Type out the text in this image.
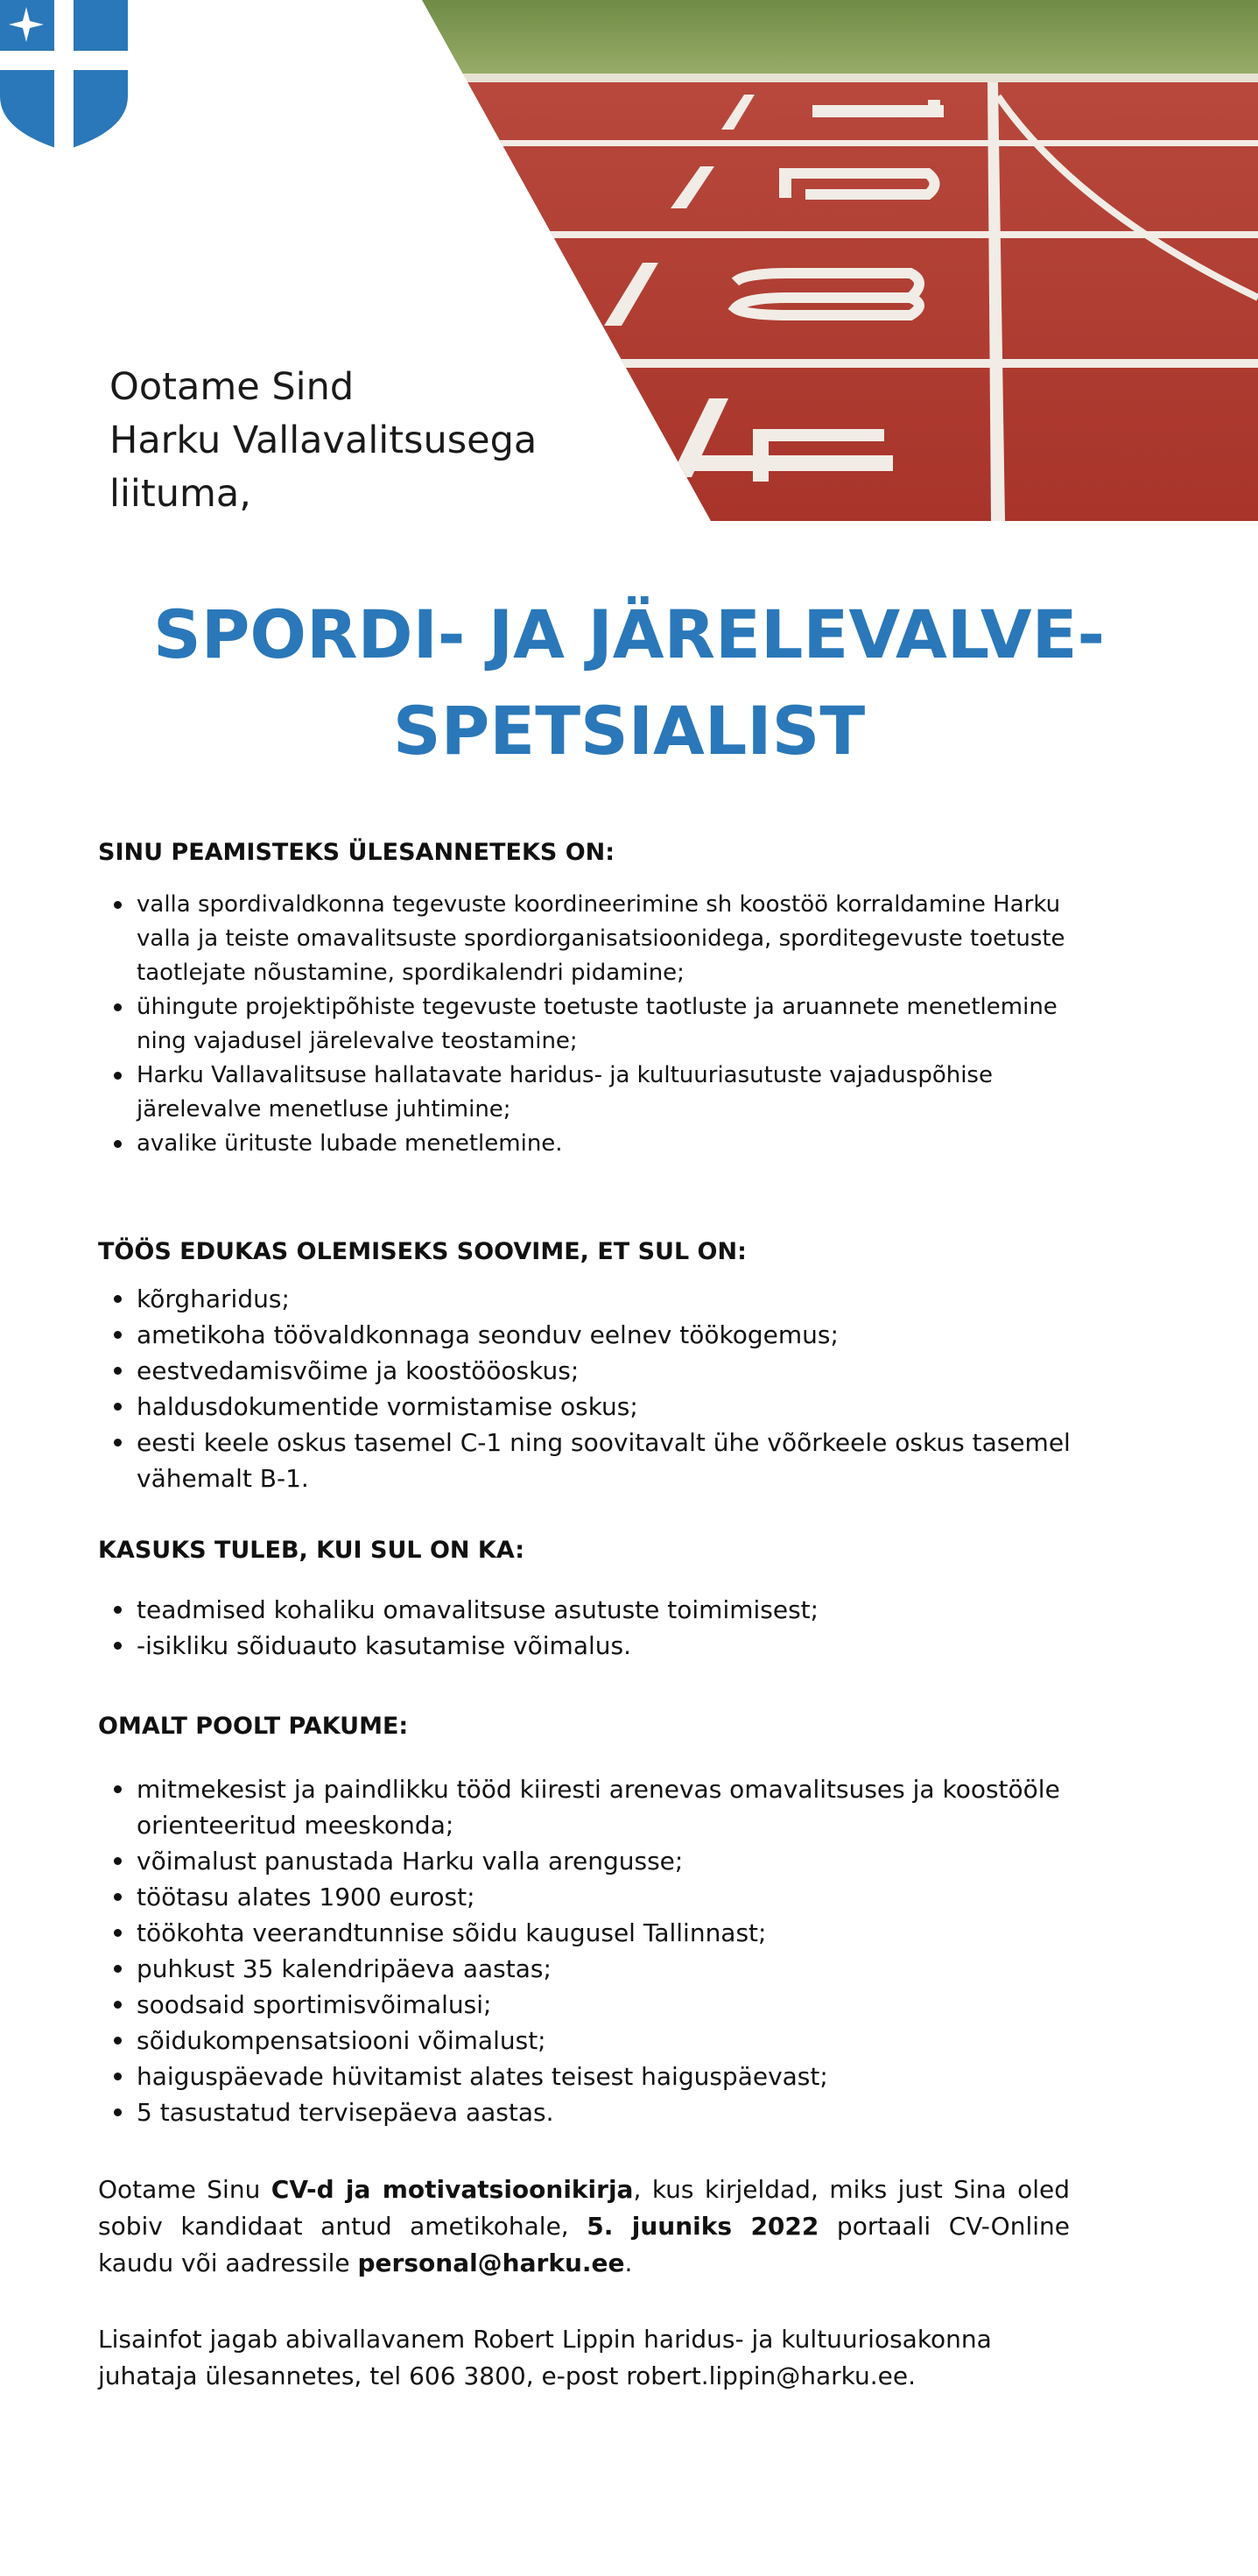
Ootame Sind
Harku Vallavalitsusega
liituma,
SPORDI- JA JÄRELEVALVE-
SPETSIALIST
SINU PEAMISTEKS ÜLESANNETEKS ON:
valla spordivaldkonna tegevuste koordineerimine sh koostöö korraldamine Harku valla ja teiste omavalitsuste spordiorganisatsioonidega, sporditegevuste toetuste taotlejate nõustamine, spordikalendri pidamine;
ühingute projektipõhiste tegevuste toetuste taotluste ja aruannete menetlemine ning vajadusel järelevalve teostamine;
Harku Vallavalitsuse hallatavate haridus- ja kultuuriasutuste vajaduspõhise järelevalve menetluse juhtimine;
avalike ürituste lubade menetlemine.
TÖÖS EDUKAS OLEMISEKS SOOVIME, ET SUL ON:
kõrgharidus;
ametikoha töövaldkonnaga seonduv eelnev töökogemus;
eestvedamisvõime ja koostööoskus;
haldusdokumentide vormistamise oskus;
eesti keele oskus tasemel C-1 ning soovitavalt ühe võõrkeele oskus tasemel vähemalt B-1.
KASUKS TULEB, KUI SUL ON KA:
teadmised kohaliku omavalitsuse asutuste toimimisest;
-isikliku sõiduauto kasutamise võimalus.
OMALT POOLT PAKUME:
mitmekesist ja paindlikku tööd kiiresti arenevas omavalitsuses ja koostööle orienteeritud meeskonda;
võimalust panustada Harku valla arengusse;
töötasu alates 1900 eurost;
töökohta veerandtunnise sõidu kaugusel Tallinnast;
puhkust 35 kalendripäeva aastas;
soodsaid sportimisvõimalusi;
sõidukompensatsiooni võimalust;
haiguspäevade hüvitamist alates teisest haiguspäevast;
5 tasustatud tervisepäeva aastas.
Ootame Sinu CV-d ja motivatsioonikirja, kus kirjeldad, miks just Sina oled sobiv kandidaat antud ametikohale, 5. juuniks 2022 portaali CV-Online kaudu või aadressile personal@harku.ee.
Lisainfot jagab abivallavanem Robert Lippin haridus- ja kultuuriosakonna juhataja ülesannetes, tel 606 3800, e-post robert.lippin@harku.ee.
